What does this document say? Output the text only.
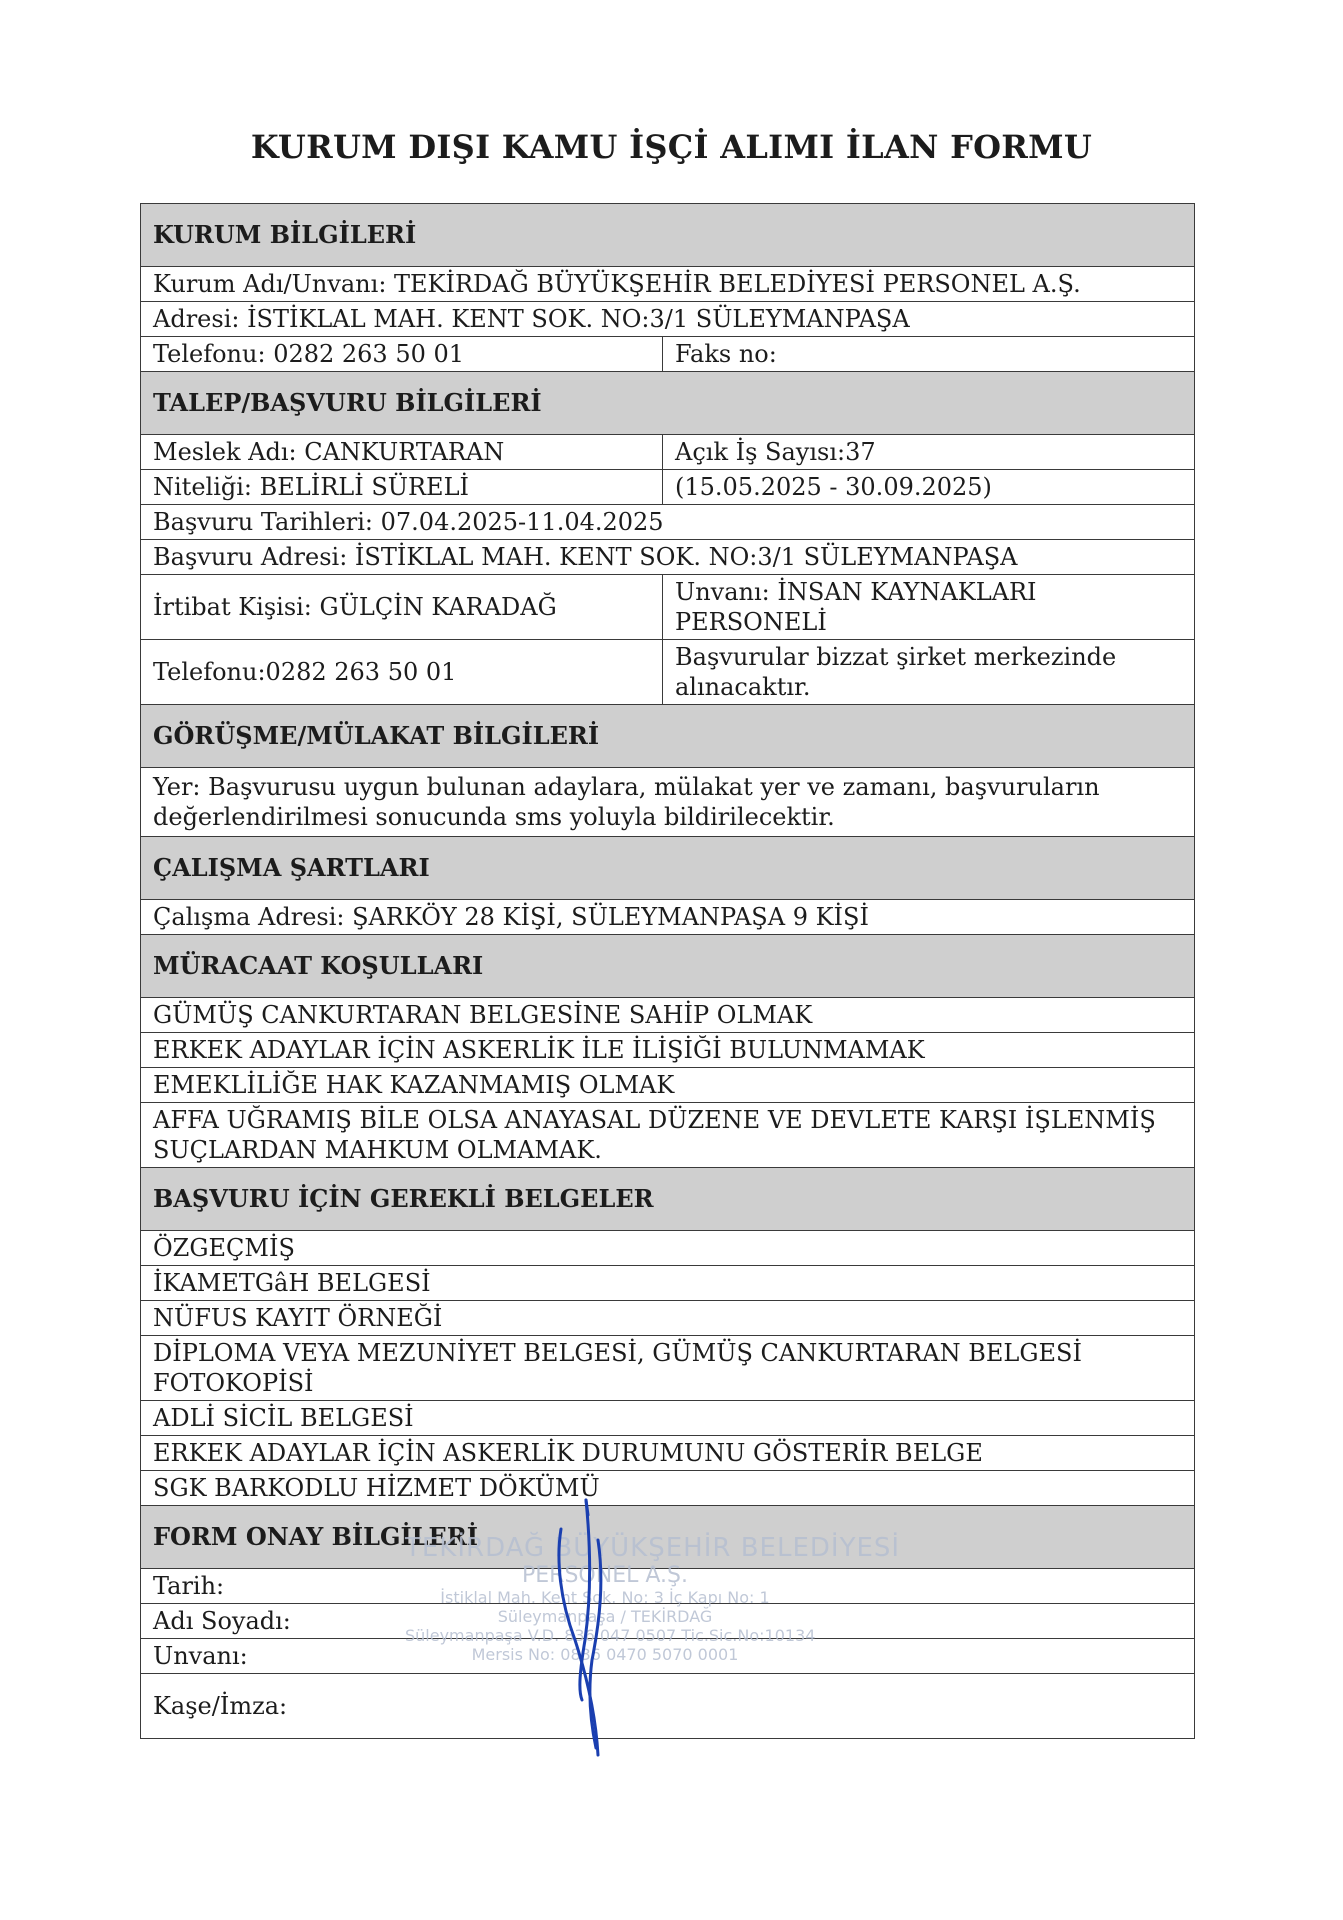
KURUM DIŞI KAMU İŞÇİ ALIMI İLAN FORMU
KURUM BİLGİLERİ	
Kurum Adı/Unvanı: TEKİRDAĞ BÜYÜKŞEHİR BELEDİYESİ PERSONEL A.Ş.	
Adresi: İSTİKLAL MAH. KENT SOK. NO:3/1 SÜLEYMANPAŞA	
Telefonu: 0282 263 50 01	Faks no:
TALEP/BAŞVURU BİLGİLERİ	
Meslek Adı: CANKURTARAN	Açık İş Sayısı:37
Niteliği: BELİRLİ SÜRELİ	(15.05.2025 - 30.09.2025)
Başvuru Tarihleri: 07.04.2025-11.04.2025	
Başvuru Adresi: İSTİKLAL MAH. KENT SOK. NO:3/1 SÜLEYMANPAŞA	
İrtibat Kişisi: GÜLÇİN KARADAĞ	Unvanı: İNSAN KAYNAKLARI PERSONELİ
Telefonu:0282 263 50 01	Başvurular bizzat şirket merkezinde alınacaktır.
GÖRÜŞME/MÜLAKAT BİLGİLERİ	
Yer: Başvurusu uygun bulunan adaylara, mülakat yer ve zamanı, başvuruların değerlendirilmesi sonucunda sms yoluyla bildirilecektir.	
ÇALIŞMA ŞARTLARI	
Çalışma Adresi: ŞARKÖY 28 KİŞİ, SÜLEYMANPAŞA 9 KİŞİ	
MÜRACAAT KOŞULLARI	
GÜMÜŞ CANKURTARAN BELGESİNE SAHİP OLMAK	
ERKEK ADAYLAR İÇİN ASKERLİK İLE İLİŞİĞİ BULUNMAMAK	
EMEKLİLİĞE HAK KAZANMAMIŞ OLMAK	
AFFA UĞRAMIŞ BİLE OLSA ANAYASAL DÜZENE VE DEVLETE KARŞI İŞLENMİŞ SUÇLARDAN MAHKUM OLMAMAK.	
BAŞVURU İÇİN GEREKLİ BELGELER	
ÖZGEÇMİŞ	
İKAMETGâH BELGESİ	
NÜFUS KAYIT ÖRNEĞİ	
DİPLOMA VEYA MEZUNİYET BELGESİ, GÜMÜŞ CANKURTARAN BELGESİ FOTOKOPİSİ	
ADLİ SİCİL BELGESİ	
ERKEK ADAYLAR İÇİN ASKERLİK DURUMUNU GÖSTERİR BELGE	
SGK BARKODLU HİZMET DÖKÜMÜ	
FORM ONAY BİLGİLERİ	
Tarih:	
Adı Soyadı:	
Unvanı:	
Kaşe/İmza:	
TEKİRDAĞ BÜYÜKŞEHİR BELEDİYESİ
PERSONEL A.Ş.
İstiklal Mah. Kent Sok. No: 3 İç Kapı No: 1
Süleymanpaşa / TEKİRDAĞ
Süleymanpaşa V.D. 836 047 0507 Tic.Sic.No:10134
Mersis No: 0836 0470 5070 0001
